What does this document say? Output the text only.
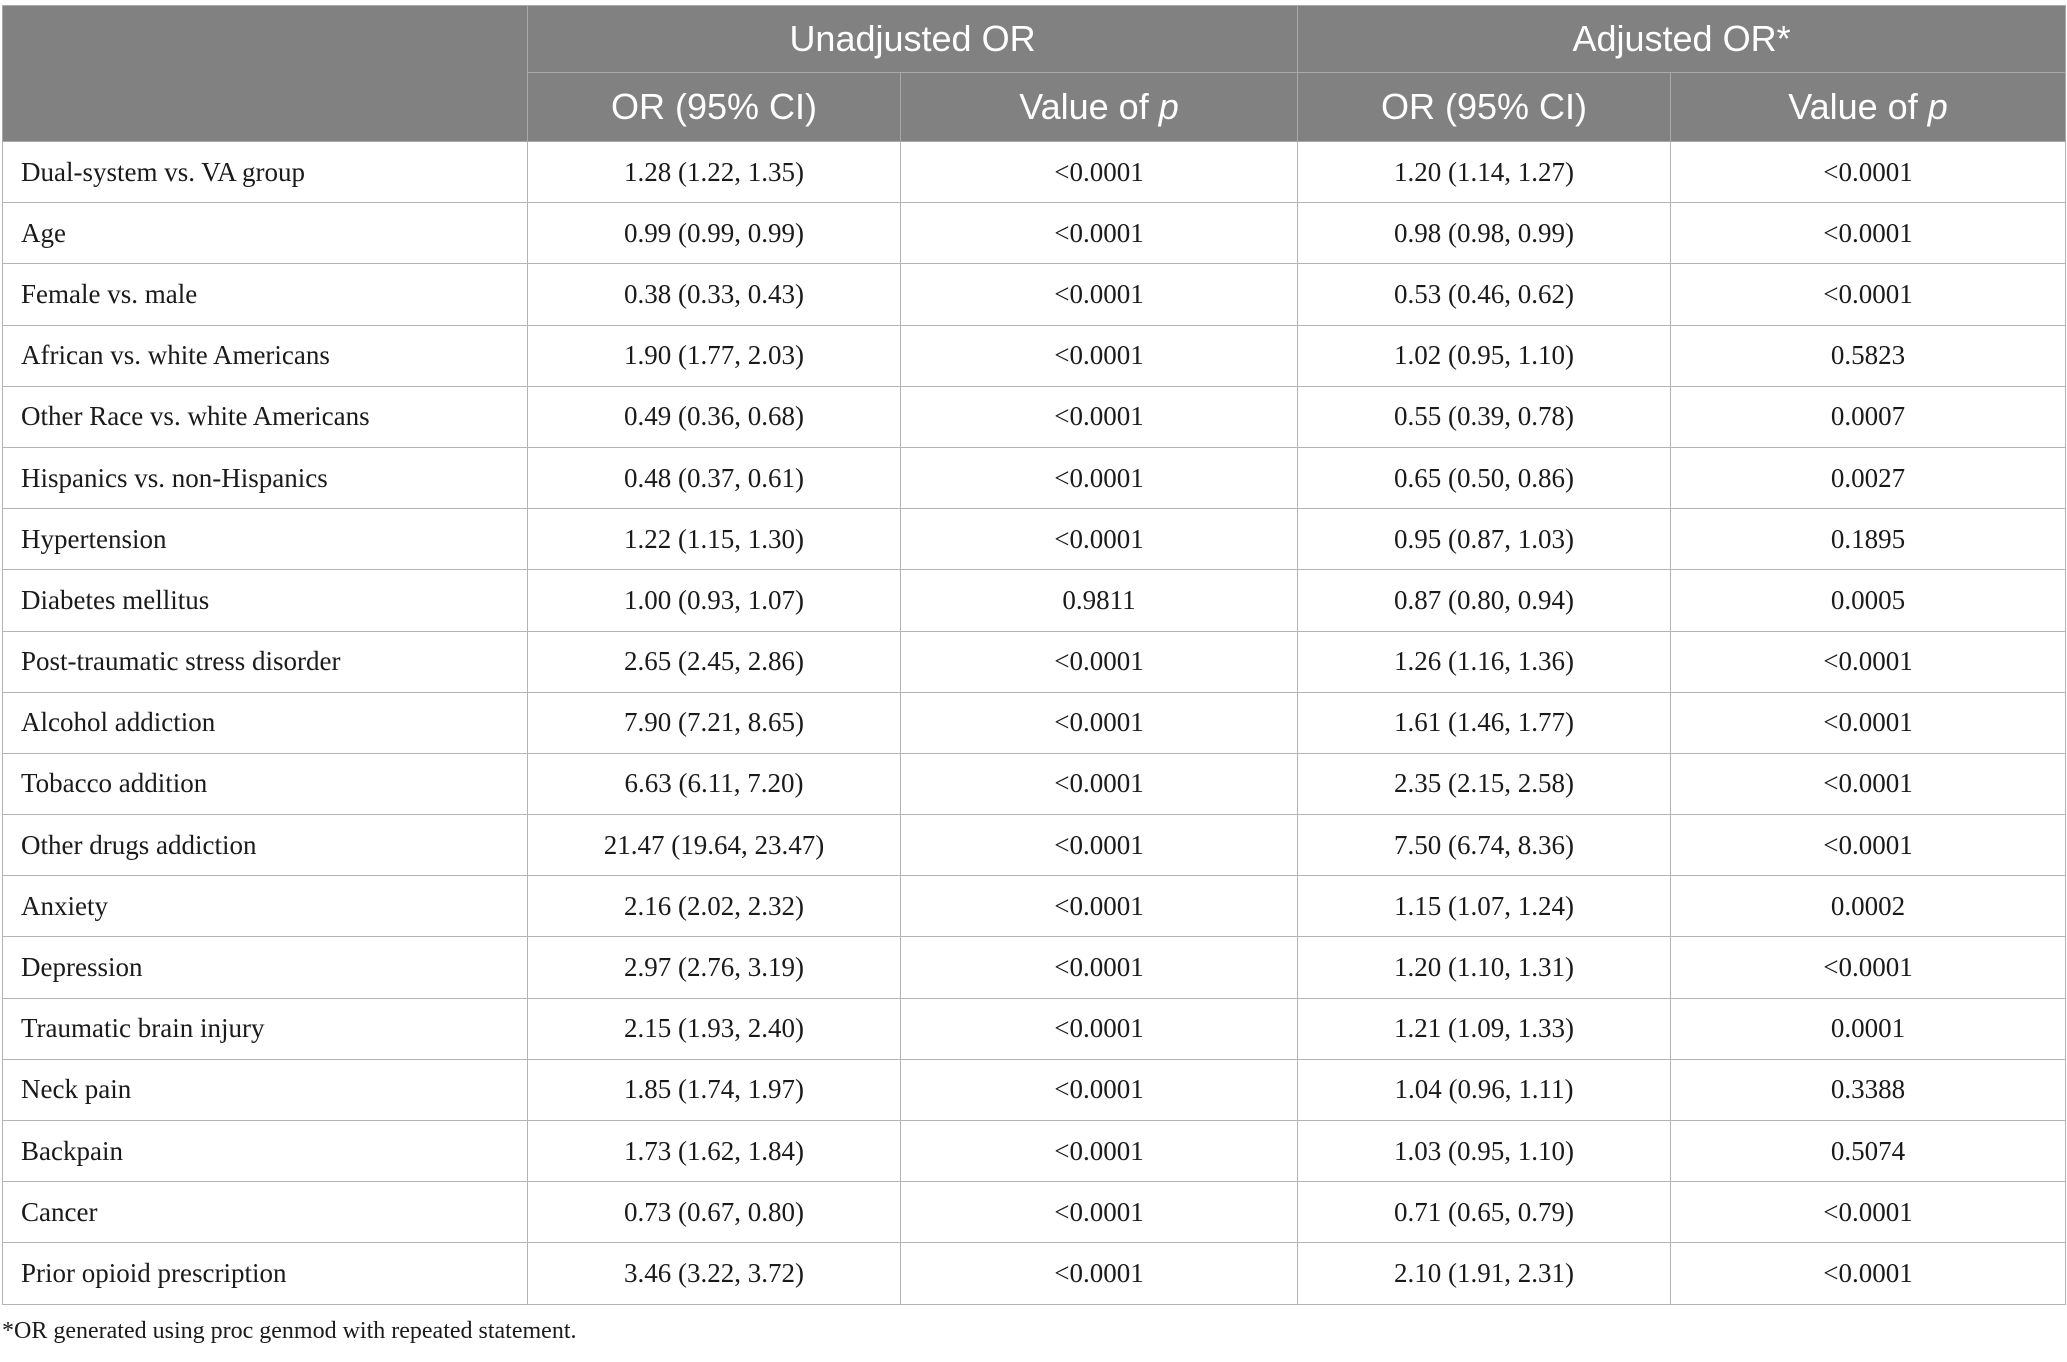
	Unadjusted OR		Adjusted OR*	
	OR (95% CI)	Value of p	OR (95% CI)	Value of p
Dual-system vs. VA group	1.28 (1.22, 1.35)	<0.0001	1.20 (1.14, 1.27)	<0.0001
Age	0.99 (0.99, 0.99)	<0.0001	0.98 (0.98, 0.99)	<0.0001
Female vs. male	0.38 (0.33, 0.43)	<0.0001	0.53 (0.46, 0.62)	<0.0001
African vs. white Americans	1.90 (1.77, 2.03)	<0.0001	1.02 (0.95, 1.10)	0.5823
Other Race vs. white Americans	0.49 (0.36, 0.68)	<0.0001	0.55 (0.39, 0.78)	0.0007
Hispanics vs. non-Hispanics	0.48 (0.37, 0.61)	<0.0001	0.65 (0.50, 0.86)	0.0027
Hypertension	1.22 (1.15, 1.30)	<0.0001	0.95 (0.87, 1.03)	0.1895
Diabetes mellitus	1.00 (0.93, 1.07)	0.9811	0.87 (0.80, 0.94)	0.0005
Post-traumatic stress disorder	2.65 (2.45, 2.86)	<0.0001	1.26 (1.16, 1.36)	<0.0001
Alcohol addiction	7.90 (7.21, 8.65)	<0.0001	1.61 (1.46, 1.77)	<0.0001
Tobacco addition	6.63 (6.11, 7.20)	<0.0001	2.35 (2.15, 2.58)	<0.0001
Other drugs addiction	21.47 (19.64, 23.47)	<0.0001	7.50 (6.74, 8.36)	<0.0001
Anxiety	2.16 (2.02, 2.32)	<0.0001	1.15 (1.07, 1.24)	0.0002
Depression	2.97 (2.76, 3.19)	<0.0001	1.20 (1.10, 1.31)	<0.0001
Traumatic brain injury	2.15 (1.93, 2.40)	<0.0001	1.21 (1.09, 1.33)	0.0001
Neck pain	1.85 (1.74, 1.97)	<0.0001	1.04 (0.96, 1.11)	0.3388
Backpain	1.73 (1.62, 1.84)	<0.0001	1.03 (0.95, 1.10)	0.5074
Cancer	0.73 (0.67, 0.80)	<0.0001	0.71 (0.65, 0.79)	<0.0001
Prior opioid prescription	3.46 (3.22, 3.72)	<0.0001	2.10 (1.91, 2.31)	<0.0001
*OR generated using proc genmod with repeated statement.
